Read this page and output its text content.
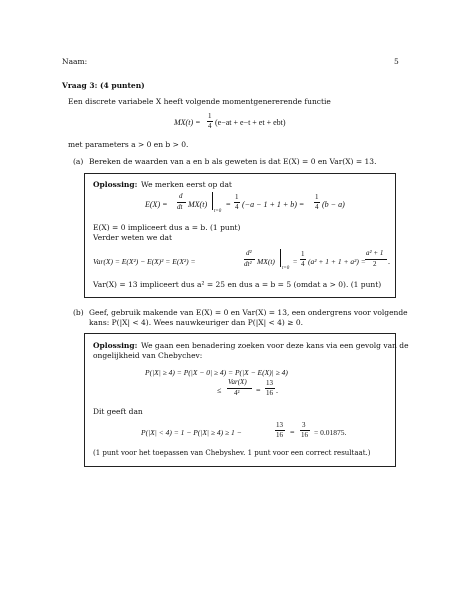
Naam:	5
Vraag 3: (4 punten)
Een discrete variabele X heeft volgende momentgenererende functie
MX(t) =
1
4 (e−at + e−t + et + ebt)
met parameters a > 0 en b > 0.
(a) Bereken de waarden van a en b als geweten is dat E(X) = 0 en Var(X) = 13.
Oplossing: We merken eerst op dat
E(X) =
d
dt MX(t)
t=0
=
1
4 (−a − 1 + 1 + b) =
1
4 (b − a)
E(X) = 0 impliceert dus a = b. (1 punt)
Verder weten we dat
Var(X) = E(X²) − E(X)² = E(X²) =
d²
dt² MX(t)
t=0
=
1
4 (a² + 1 + 1 + a²) =
a² + 1
2 .
Var(X) = 13 impliceert dus a² = 25 en dus a = b = 5 (omdat a > 0). (1 punt)
(b) Geef, gebruik makende van E(X) = 0 en Var(X) = 13, een ondergrens voor volgende
kans: P(|X| < 4). Wees nauwkeuriger dan P(|X| < 4) ≥ 0.
Oplossing: We gaan een benadering zoeken voor deze kans via een gevolg van de
ongelijkheid van Chebychev:
P(|X| ≥ 4) = P(|X − 0| ≥ 4) = P(|X − E(X)| ≥ 4)
≤
Var(X)
4² =
13
16 .
Dit geeft dan
P(|X| < 4) = 1 − P(|X| ≥ 4) ≥ 1 −
13
16 =
3
16 = 0.01875.
(1 punt voor het toepassen van Chebyshev. 1 punt voor een correct resultaat.)
